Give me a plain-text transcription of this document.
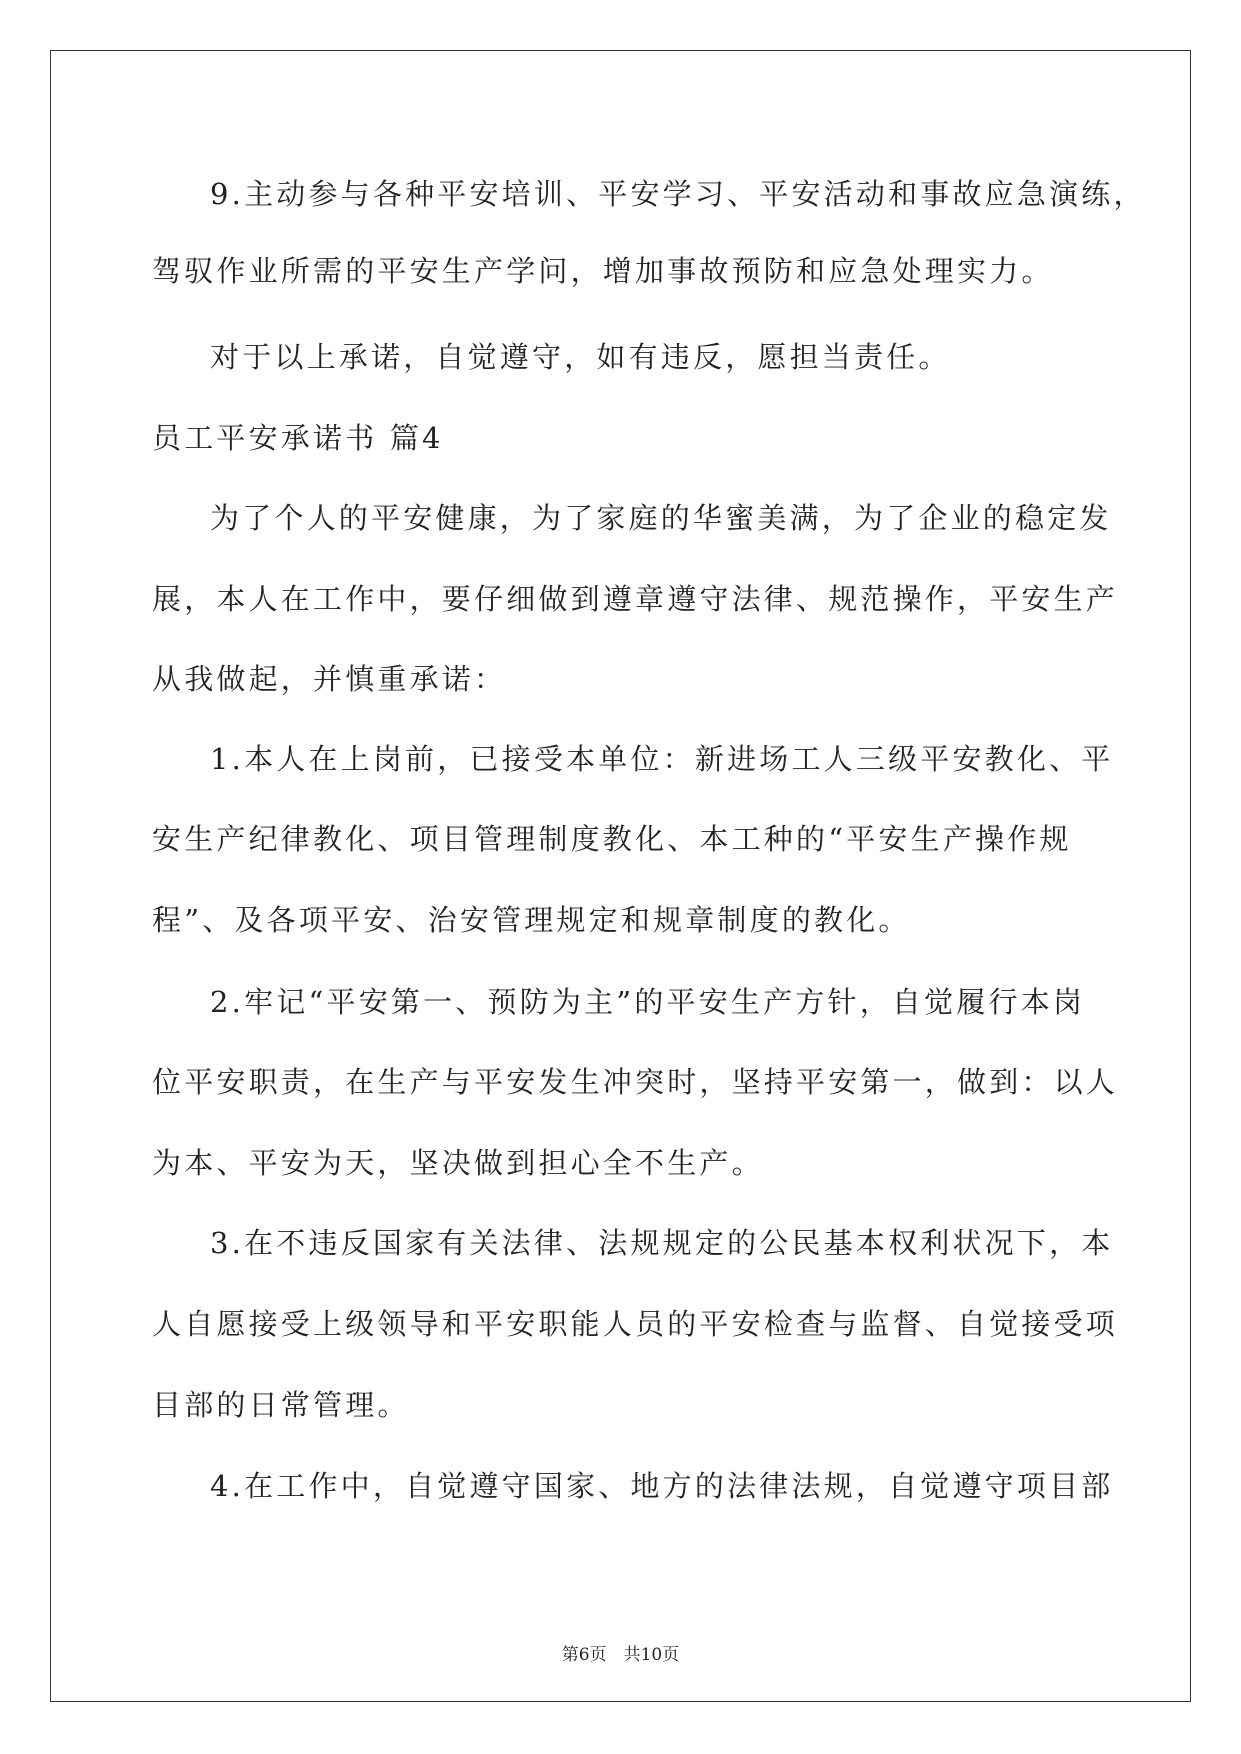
9.主动参与各种平安培训、平安学习、平安活动和事故应急演练，
驾驭作业所需的平安生产学问，增加事故预防和应急处理实力。
对于以上承诺，自觉遵守，如有违反，愿担当责任。
员工平安承诺书 篇4
为了个人的平安健康，为了家庭的华蜜美满，为了企业的稳定发
展，本人在工作中，要仔细做到遵章遵守法律、规范操作，平安生产
从我做起，并慎重承诺：
1.本人在上岗前，已接受本单位：新进场工人三级平安教化、平
安生产纪律教化、项目管理制度教化、本工种的“平安生产操作规
程”、及各项平安、治安管理规定和规章制度的教化。
2.牢记“平安第一、预防为主”的平安生产方针，自觉履行本岗
位平安职责，在生产与平安发生冲突时，坚持平安第一，做到：以人
为本、平安为天，坚决做到担心全不生产。
3.在不违反国家有关法律、法规规定的公民基本权利状况下，本
人自愿接受上级领导和平安职能人员的平安检查与监督、自觉接受项
目部的日常管理。
4.在工作中，自觉遵守国家、地方的法律法规，自觉遵守项目部
第6页　共10页
